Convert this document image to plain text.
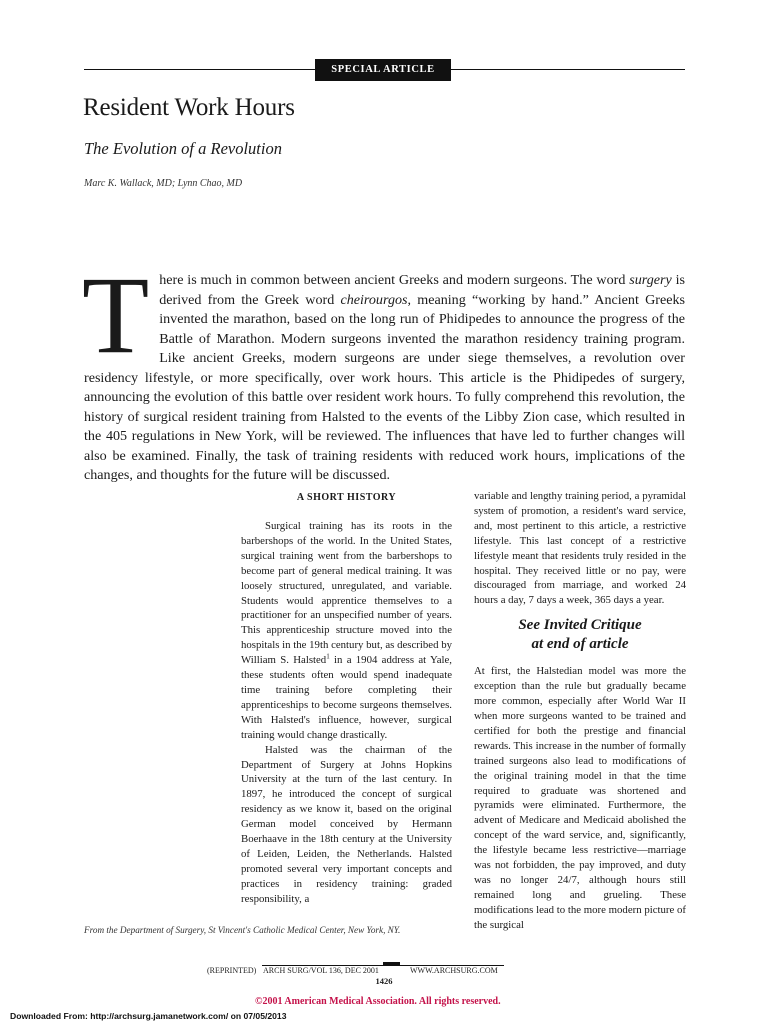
SPECIAL ARTICLE
Resident Work Hours
The Evolution of a Revolution
Marc K. Wallack, MD; Lynn Chao, MD
T here is much in common between ancient Greeks and modern surgeons. The word surgery is derived from the Greek word cheirourgos, meaning “working by hand.” Ancient Greeks invented the marathon, based on the long run of Phidipedes to announce the progress of the Battle of Marathon. Modern surgeons invented the marathon residency training program. Like ancient Greeks, modern surgeons are under siege themselves, a revolution over residency lifestyle, or more specifically, over work hours. This article is the Phidipedes of surgery, announcing the evolution of this battle over resident work hours. To fully comprehend this revolution, the history of surgical resident training from Halsted to the events of the Libby Zion case, which resulted in the 405 regulations in New York, will be reviewed. The influences that have led to further changes will also be examined. Finally, the task of training residents with reduced work hours, implications of the changes, and thoughts for the future will be discussed.

A SHORT HISTORY

Surgical training has its roots in the barbershops of the world. In the United States, surgical training went from the barbershops to become part of general medical training. It was loosely structured, unregulated, and variable. Students would apprentice themselves to a practitioner for an unspecified number of years. This apprenticeship structure moved into the hospitals in the 19th century but, as described by William S. Halsted$^1$ in a 1904 address at Yale, these students often would spend inadequate time training before completing their apprenticeships to become surgeons themselves. With Halsted's influence, however, surgical training would change drastically.

Halsted was the chairman of the Department of Surgery at Johns Hopkins University at the turn of the last century. In 1897, he introduced the concept of surgical residency as we know it, based on the original German model conceived by Hermann Boerhaave in the 18th century at the University of Leiden, Leiden, the Netherlands. Halsted promoted several very important concepts and practices in residency training: graded responsibility, a

variable and lengthy training period, a pyramidal system of promotion, a resident's ward service, and, most pertinent to this article, a restrictive lifestyle. This last concept of a restrictive lifestyle meant that residents truly resided in the hospital. They received little or no pay, were discouraged from marriage, and worked 24 hours a day, 7 days a week, 365 days a year.

See Invited Critique
at end of article

At first, the Halstedian model was more the exception than the rule but gradually became more common, especially after World War II when more surgeons wanted to be trained and certified for both the prestige and financial rewards. This increase in the number of formally trained surgeons also lead to modifications of the original training model in that the time required to graduate was shortened and pyramids were eliminated. Furthermore, the advent of Medicare and Medicaid abolished the concept of the ward service, and, significantly, the lifestyle became less restrictive—marriage was not forbidden, the pay improved, and duty was no longer 24/7, although hours still remained long and grueling. These modifications lead to the more modern picture of the surgical

From the Department of Surgery, St Vincent's Catholic Medical Center, New York, NY.
(REPRINTED) ARCH SURG/VOL 136, DEC 2001	WWW.ARCHSURG.COM
1426
©2001 American Medical Association. All rights reserved.
Downloaded From: http://archsurg.jamanetwork.com/ on 07/05/2013
